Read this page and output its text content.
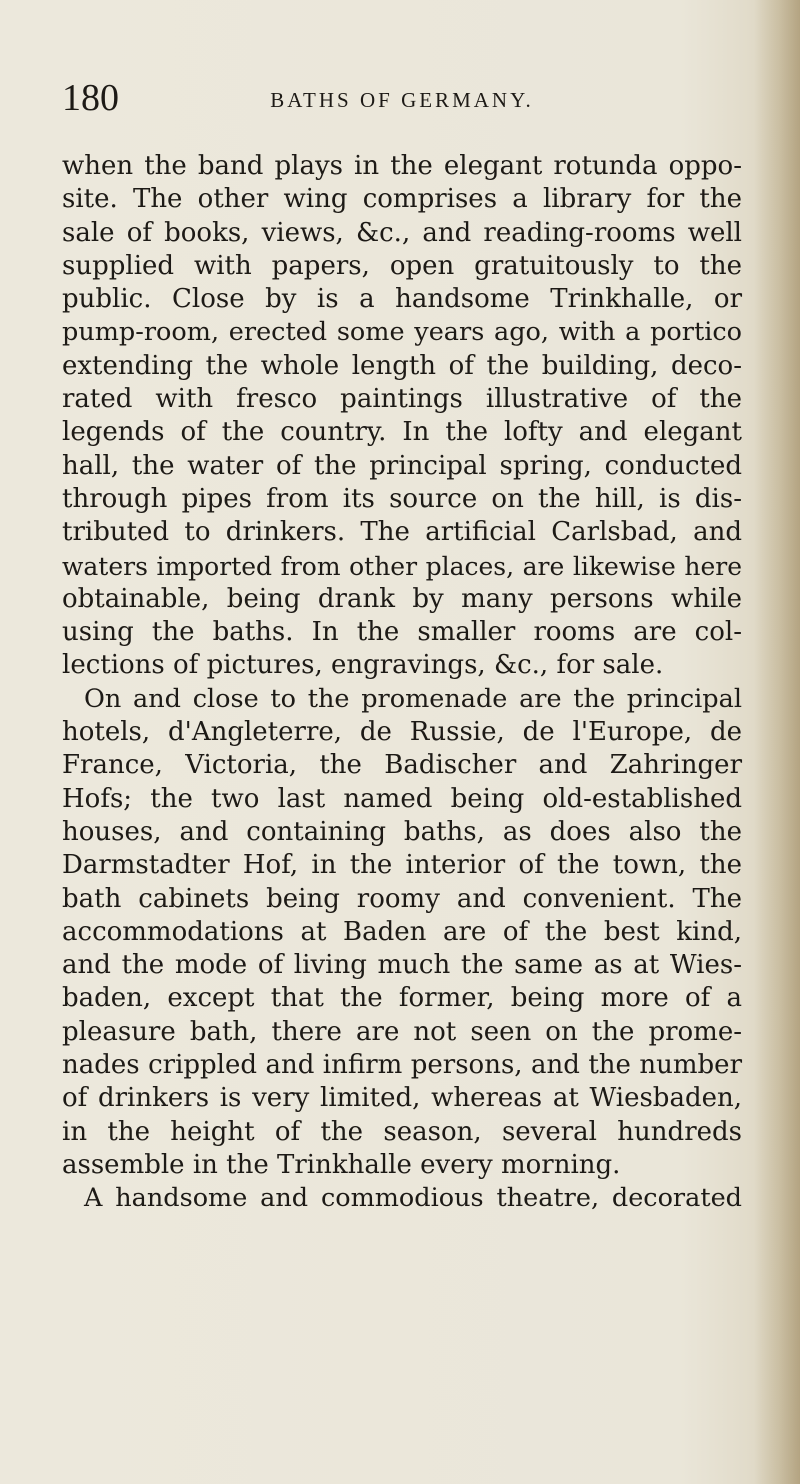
180	BATHS OF GERMANY.
when the band plays in the elegant rotunda oppo-
site. The other wing comprises a library for the
sale of books, views, &c., and reading-rooms well
supplied with papers, open gratuitously to the
public. Close by is a handsome Trinkhalle, or
pump-room, erected some years ago, with a portico
extending the whole length of the building, deco-
rated with fresco paintings illustrative of the
legends of the country. In the lofty and elegant
hall, the water of the principal spring, conducted
through pipes from its source on the hill, is dis-
tributed to drinkers. The artificial Carlsbad, and
waters imported from other places, are likewise here
obtainable, being drank by many persons while
using the baths. In the smaller rooms are col-
lections of pictures, engravings, &c., for sale.
On and close to the promenade are the principal
hotels, d'Angleterre, de Russie, de l'Europe, de
France, Victoria, the Badischer and Zahringer
Hofs; the two last named being old-established
houses, and containing baths, as does also the
Darmstadter Hof, in the interior of the town, the
bath cabinets being roomy and convenient. The
accommodations at Baden are of the best kind,
and the mode of living much the same as at Wies-
baden, except that the former, being more of a
pleasure bath, there are not seen on the prome-
nades crippled and infirm persons, and the number
of drinkers is very limited, whereas at Wiesbaden,
in the height of the season, several hundreds
assemble in the Trinkhalle every morning.
A handsome and commodious theatre, decorated
